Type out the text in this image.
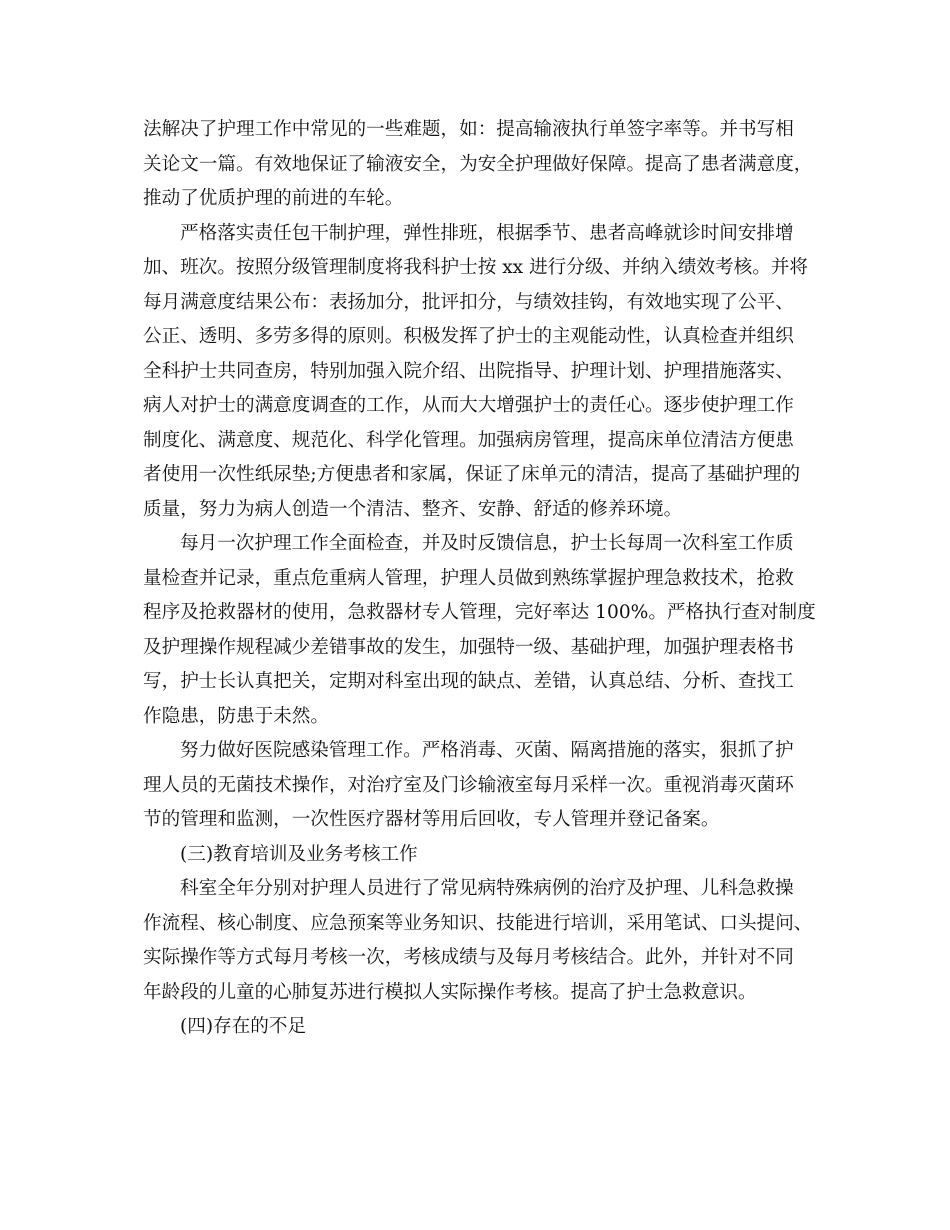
法解决了护理工作中常见的一些难题，如：提高输液执行单签字率等。并书写相
关论文一篇。有效地保证了输液安全，为安全护理做好保障。提高了患者满意度，
推动了优质护理的前进的车轮。
严格落实责任包干制护理，弹性排班，根据季节、患者高峰就诊时间安排增
加、班次。按照分级管理制度将我科护士按 xx 进行分级、并纳入绩效考核。并将
每月满意度结果公布：表扬加分，批评扣分，与绩效挂钩，有效地实现了公平、
公正、透明、多劳多得的原则。积极发挥了护士的主观能动性，认真检查并组织
全科护士共同查房，特别加强入院介绍、出院指导、护理计划、护理措施落实、
病人对护士的满意度调查的工作，从而大大增强护士的责任心。逐步使护理工作
制度化、满意度、规范化、科学化管理。加强病房管理，提高床单位清洁方便患
者使用一次性纸尿垫;方便患者和家属，保证了床单元的清洁，提高了基础护理的
质量，努力为病人创造一个清洁、整齐、安静、舒适的修养环境。
每月一次护理工作全面检查，并及时反馈信息，护士长每周一次科室工作质
量检查并记录，重点危重病人管理，护理人员做到熟练掌握护理急救技术，抢救
程序及抢救器材的使用，急救器材专人管理，完好率达 100%。严格执行查对制度
及护理操作规程减少差错事故的发生，加强特一级、基础护理，加强护理表格书
写，护士长认真把关，定期对科室出现的缺点、差错，认真总结、分析、查找工
作隐患，防患于未然。
努力做好医院感染管理工作。严格消毒、灭菌、隔离措施的落实，狠抓了护
理人员的无菌技术操作，对治疗室及门诊输液室每月采样一次。重视消毒灭菌环
节的管理和监测，一次性医疗器材等用后回收，专人管理并登记备案。
(三)教育培训及业务考核工作
科室全年分别对护理人员进行了常见病特殊病例的治疗及护理、儿科急救操
作流程、核心制度、应急预案等业务知识、技能进行培训，采用笔试、口头提问、
实际操作等方式每月考核一次，考核成绩与及每月考核结合。此外，并针对不同
年龄段的儿童的心肺复苏进行模拟人实际操作考核。提高了护士急救意识。
(四)存在的不足
